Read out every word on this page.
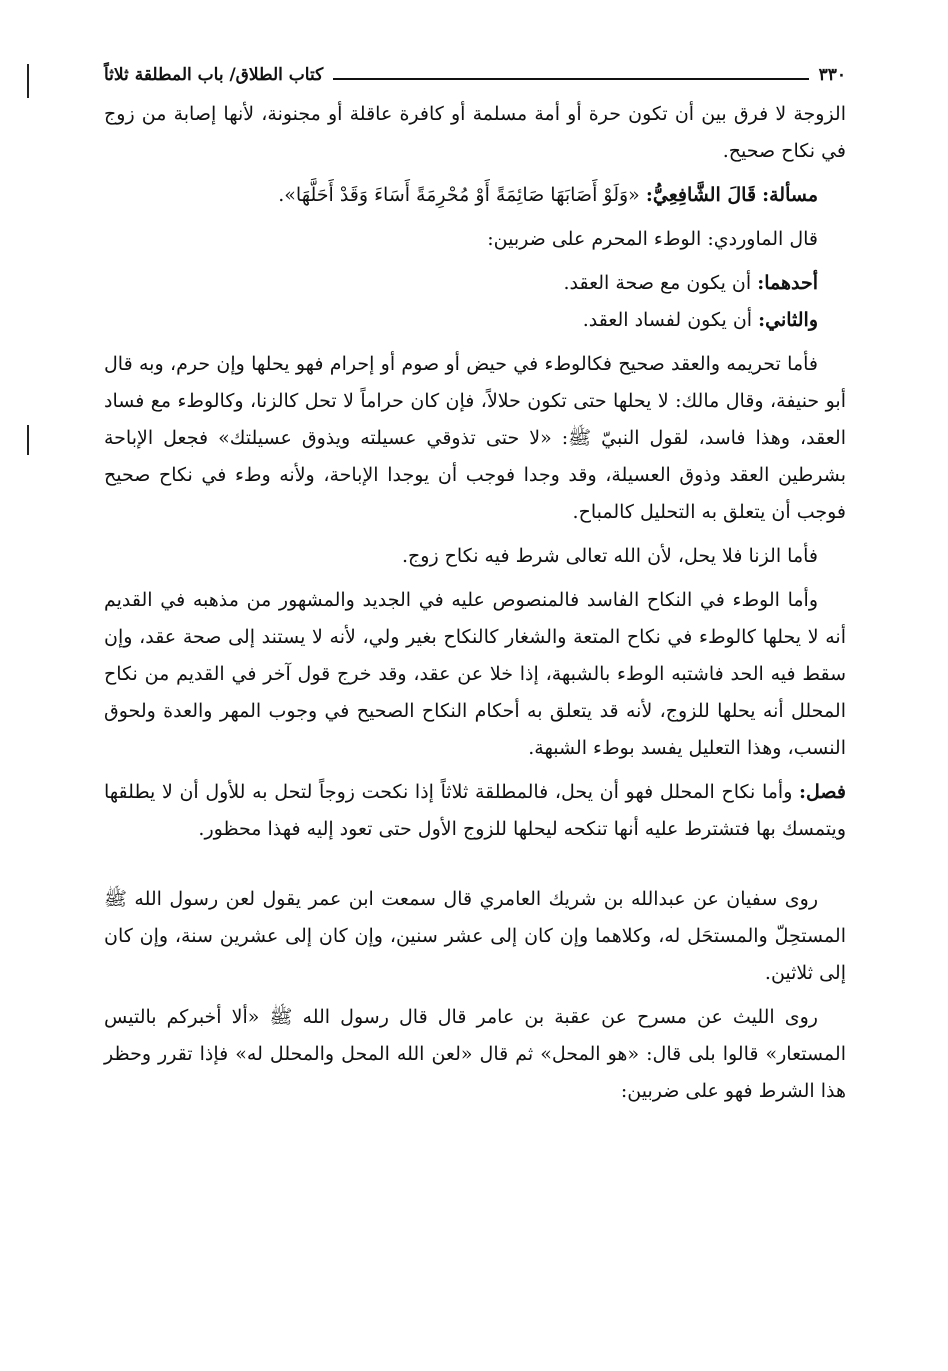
٣٣٠
كتاب الطلاق/ باب المطلقة ثلاثاً

الزوجة لا فرق بين أن تكون حرة أو أمة مسلمة أو كافرة عاقلة أو مجنونة، لأنها إصابة من زوج في نكاح صحيح.

مسألة: قَالَ الشَّافِعِيُّ: «وَلَوْ أَصَابَهَا صَائِمَةً أَوْ مُحْرِمَةً أَسَاءَ وَقَدْ أَحَلَّهَا».

قال الماوردي: الوطء المحرم على ضربين:

أحدهما: أن يكون مع صحة العقد.

والثاني: أن يكون لفساد العقد.

فأما تحريمه والعقد صحيح فكالوطء في حيض أو صوم أو إحرام فهو يحلها وإن حرم، وبه قال أبو حنيفة، وقال مالك: لا يحلها حتى تكون حلالاً، فإن كان حراماً لا تحل كالزنا، وكالوطء مع فساد العقد، وهذا فاسد، لقول النبيّ ﷺ: «لا حتى تذوقي عسيلته ويذوق عسيلتك» فجعل الإباحة بشرطين العقد وذوق العسيلة، وقد وجدا فوجب أن يوجدا الإباحة، ولأنه وطء في نكاح صحيح فوجب أن يتعلق به التحليل كالمباح.

فأما الزنا فلا يحل، لأن الله تعالى شرط فيه نكاح زوج.

وأما الوطء في النكاح الفاسد فالمنصوص عليه في الجديد والمشهور من مذهبه في القديم أنه لا يحلها كالوطء في نكاح المتعة والشغار كالنكاح بغير ولي، لأنه لا يستند إلى صحة عقد، وإن سقط فيه الحد فاشتبه الوطء بالشبهة، إذا خلا عن عقد، وقد خرج قول آخر في القديم من نكاح المحلل أنه يحلها للزوج، لأنه قد يتعلق به أحكام النكاح الصحيح في وجوب المهر والعدة ولحوق النسب، وهذا التعليل يفسد بوطء الشبهة.

فصل: وأما نكاح المحلل فهو أن يحل، فالمطلقة ثلاثاً إذا نكحت زوجاً لتحل به للأول أن لا يطلقها ويتمسك بها فتشترط عليه أنها تنكحه ليحلها للزوج الأول حتى تعود إليه فهذا محظور.

روى سفيان عن عبدالله بن شريك العامري قال سمعت ابن عمر يقول لعن رسول الله ﷺ المستحِلّ والمستحَل له، وكلاهما وإن كان إلى عشر سنين، وإن كان إلى عشرين سنة، وإن كان إلى ثلاثين.

روى الليث عن مسرح عن عقبة بن عامر قال قال رسول الله ﷺ «ألا أخبركم بالتيس المستعار» قالوا بلى قال: «هو المحل» ثم قال «لعن الله المحل والمحلل له» فإذا تقرر وحظر هذا الشرط فهو على ضربين:
